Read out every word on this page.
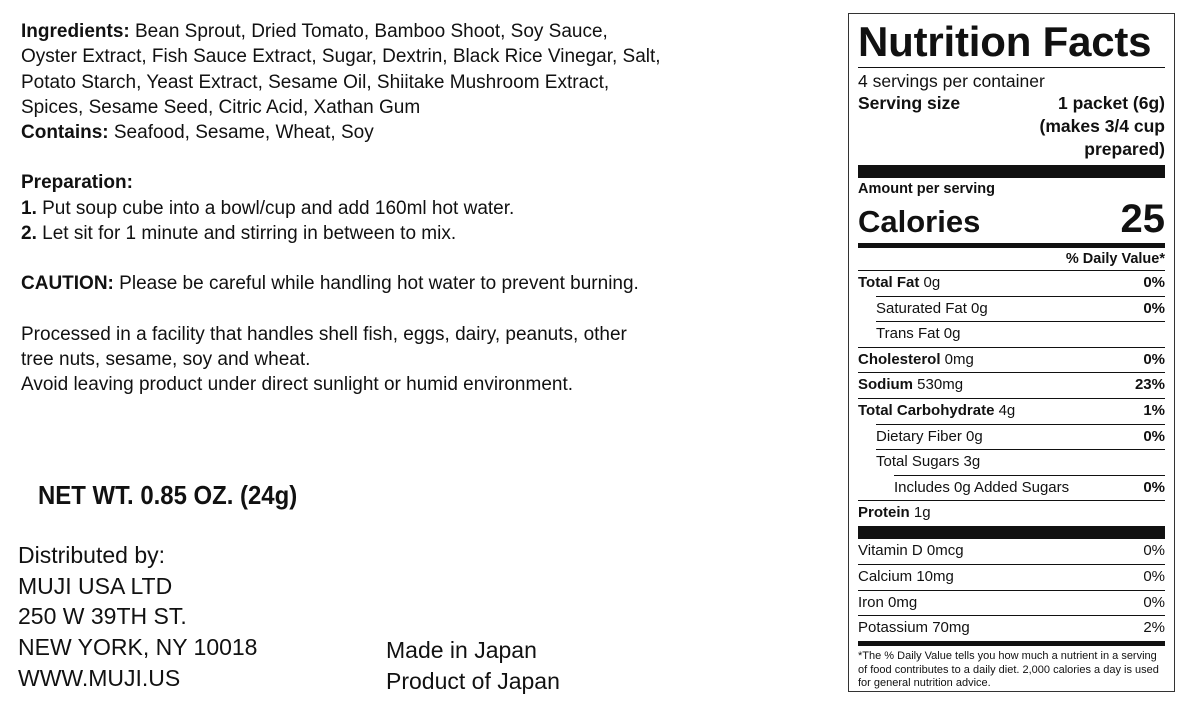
Ingredients: Bean Sprout, Dried Tomato, Bamboo Shoot, Soy Sauce, Oyster Extract, Fish Sauce Extract, Sugar, Dextrin, Black Rice Vinegar, Salt, Potato Starch, Yeast Extract, Sesame Oil, Shiitake Mushroom Extract, Spices, Sesame Seed, Citric Acid, Xathan Gum

Contains: Seafood, Sesame, Wheat, Soy

Preparation:

1. Put soup cube into a bowl/cup and add 160ml hot water.

2. Let sit for 1 minute and stirring in between to mix.

CAUTION: Please be careful while handling hot water to prevent burning.

Processed in a facility that handles shell fish, eggs, dairy, peanuts, other tree nuts, sesame, soy and wheat.

Avoid leaving product under direct sunlight or humid environment.

NET WT. 0.85 OZ. (24g)
Distributed by:
MUJI USA LTD
250 W 39TH ST.
NEW YORK, NY 10018
WWW.MUJI.US
Made in Japan
Product of Japan
Nutrition Facts
4 servings per container
Serving size	1 packet (6g)
(makes 3/4 cup
prepared)
Amount per serving
Calories	25
% Daily Value*
Total Fat 0g	0%
Saturated Fat 0g	0%
Trans Fat 0g
Cholesterol 0mg	0%
Sodium 530mg	23%
Total Carbohydrate 4g	1%
Dietary Fiber 0g	0%
Total Sugars 3g
Includes 0g Added Sugars	0%
Protein 1g
Vitamin D 0mcg	0%
Calcium 10mg	0%
Iron 0mg	0%
Potassium 70mg	2%
*The % Daily Value tells you how much a nutrient in a serving of food contributes to a daily diet. 2,000 calories a day is used for general nutrition advice.
